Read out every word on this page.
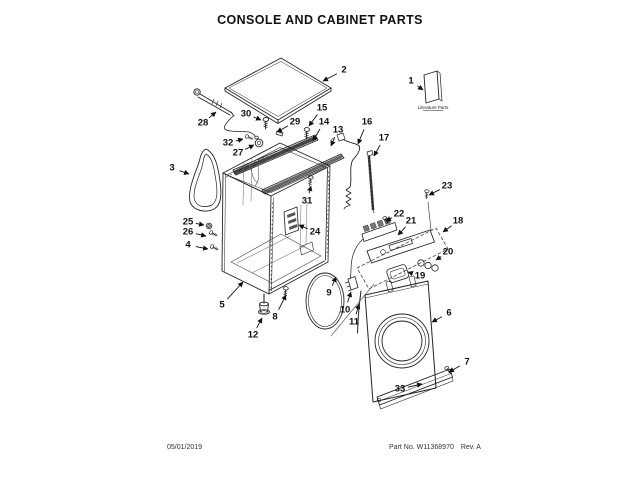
CONSOLE AND CABINET PARTS
Literature Parts
1
2
3
4
5
6
7
8
9
10
11
12
13
14
15
16
17
18
19
20
21
22
23
24
25
26
27
28	29
30
31
32
33
05/01/2019	Part No. W11368970 Rev. A
